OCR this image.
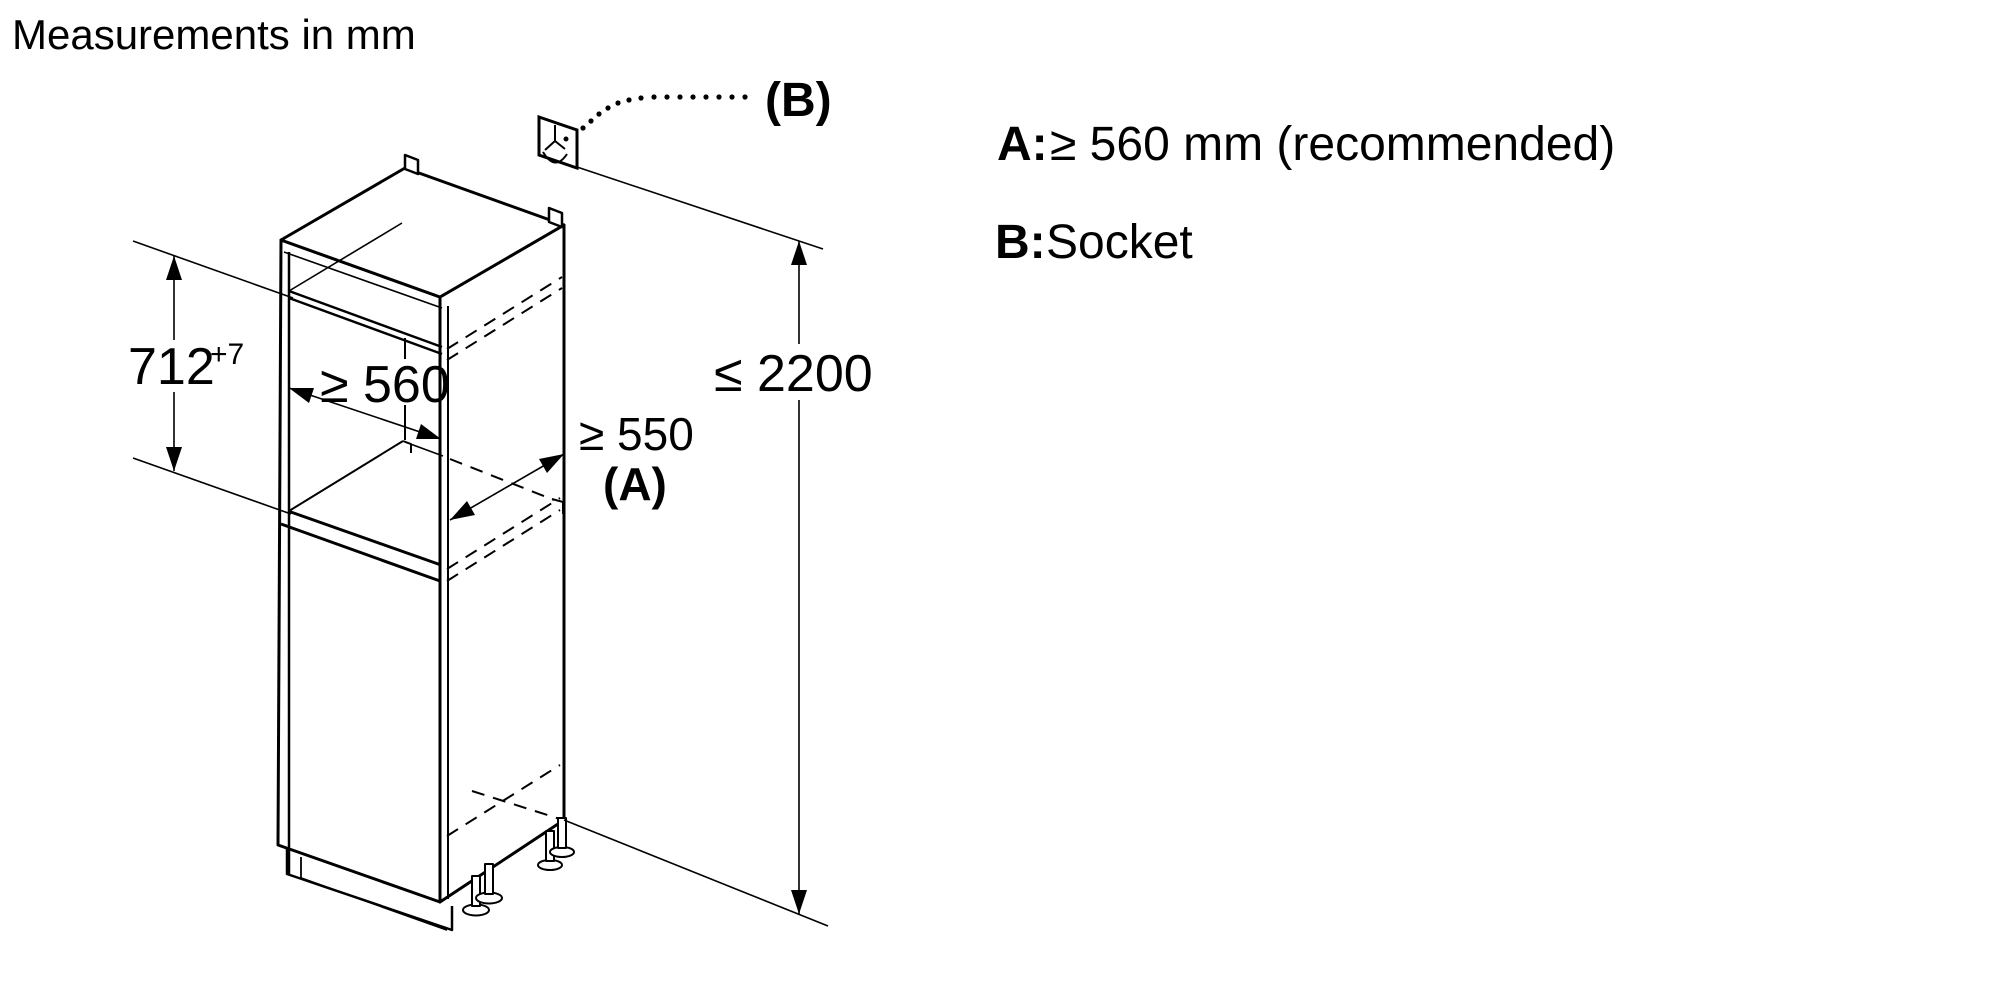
Measurements in mm
(B)
712
+7
≥ 560
≥ 550
(A)
≤ 2200
A: ≥ 560 mm (recommended)
B: Socket
